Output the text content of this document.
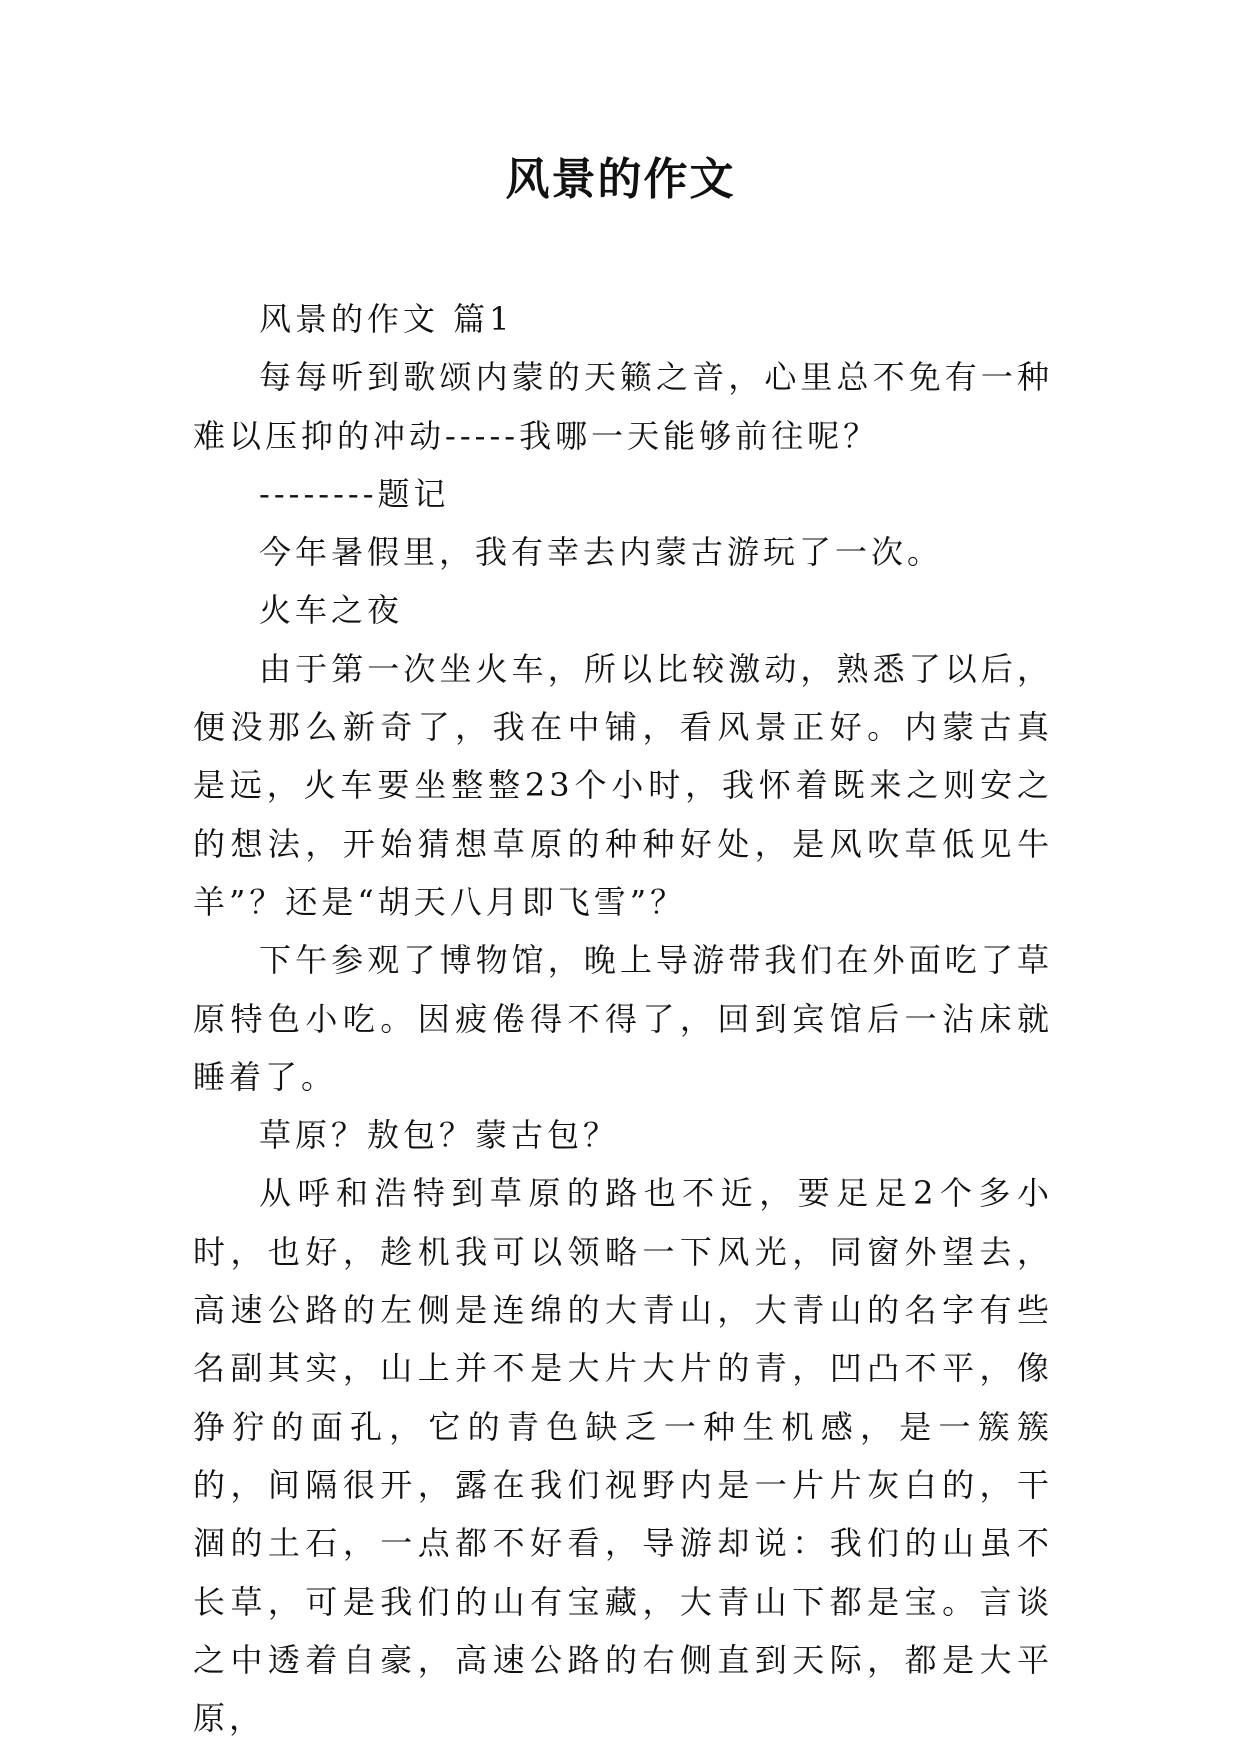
风景的作文

风景的作文 篇1

每每听到歌颂内蒙的天籁之音，心里总不免有一种难以压抑的冲动-----我哪一天能够前往呢？

--------题记

今年暑假里，我有幸去内蒙古游玩了一次。

火车之夜

由于第一次坐火车，所以比较激动，熟悉了以后，便没那么新奇了，我在中铺，看风景正好。内蒙古真是远，火车要坐整整23个小时，我怀着既来之则安之的想法，开始猜想草原的种种好处，是风吹草低见牛羊”？还是“胡天八月即飞雪”？

下午参观了博物馆，晚上导游带我们在外面吃了草原特色小吃。因疲倦得不得了，回到宾馆后一沾床就睡着了。

草原？敖包？蒙古包？

从呼和浩特到草原的路也不近，要足足2个多小时，也好，趁机我可以领略一下风光，同窗外望去，高速公路的左侧是连绵的大青山，大青山的名字有些名副其实，山上并不是大片大片的青，凹凸不平，像狰狞的面孔，它的青色缺乏一种生机感，是一簇簇的，间隔很开，露在我们视野内是一片片灰白的，干涸的土石，一点都不好看，导游却说：我们的山虽不长草，可是我们的山有宝藏，大青山下都是宝。言谈之中透着自豪，高速公路的右侧直到天际，都是大平原，
